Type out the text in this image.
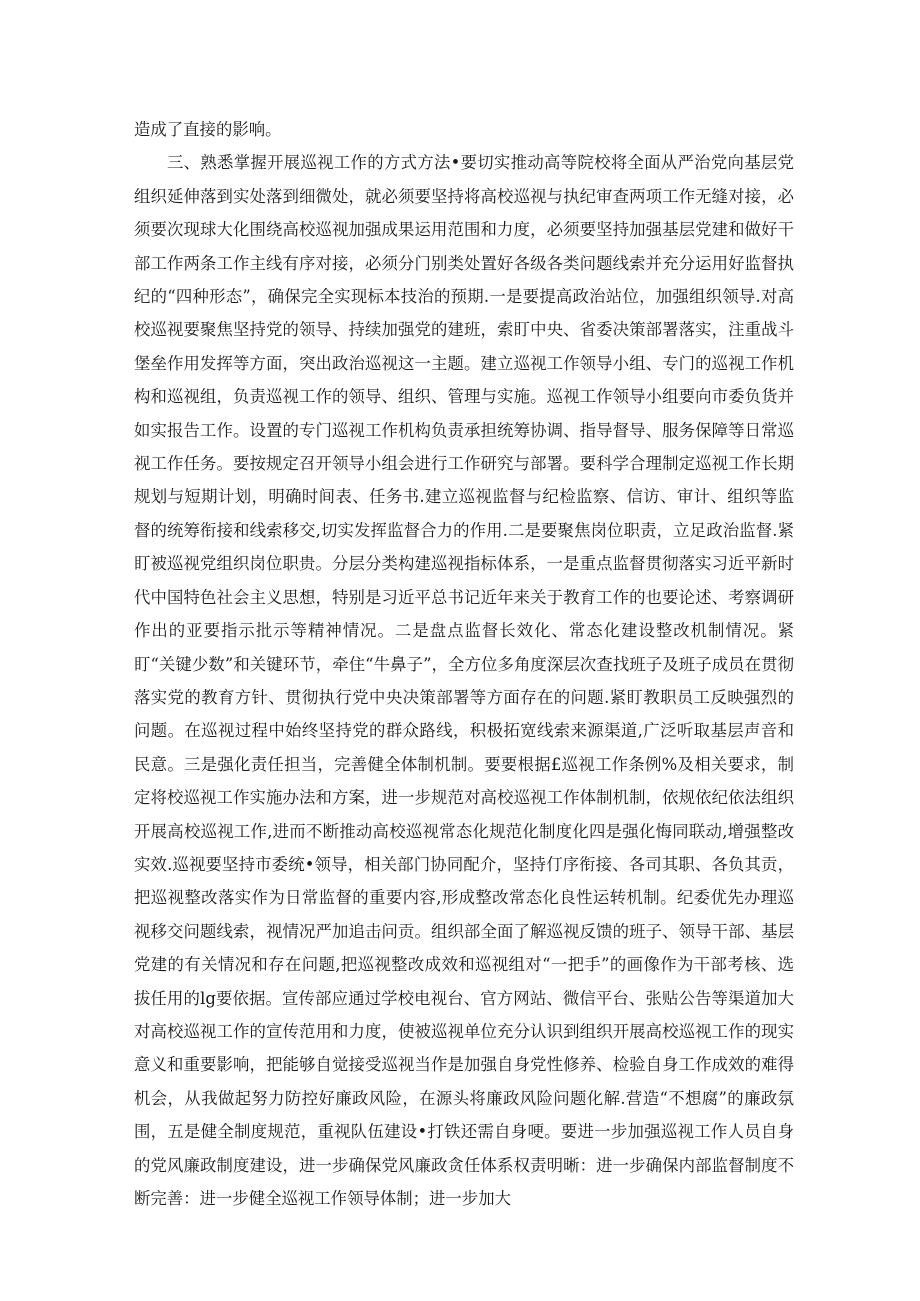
造成了直接的影响。

三、熟悉掌握开展巡视工作的方式方法•要切实推动高等院校将全面从严治党向基层党组织延伸落到实处落到细微处，就必须要坚持将高校巡视与执纪审查两项工作无缝对接，必须要次现球大化围绕高校巡视加强成果运用范围和力度，必须要坚持加强基层党建和做好干部工作两条工作主线有序对接，必须分门别类处置好各级各类问题线索并充分运用好监督执纪的“四种形态”，确保完全实现标本技治的预期.一是要提高政治站位，加强组织领导.对高校巡视要聚焦坚持党的领导、持续加强党的建班，索盯中央、省委决策部署落实，注重战斗堡垒作用发挥等方面，突出政治巡视这一主题。建立巡视工作领导小组、专门的巡视工作机构和巡视组，负责巡视工作的领导、组织、管理与实施。巡视工作领导小组要向市委负货并如实报告工作。设置的专门巡视工作机构负责承担统筹协调、指导督导、服务保障等日常巡视工作任务。要按规定召开领导小组会进行工作研究与部署。要科学合理制定巡视工作长期规划与短期计划，明确时间表、任务书.建立巡视监督与纪检监察、信访、审计、组织等监督的统筹衔接和线索移交,切实发挥监督合力的作用.二是要聚焦岗位职责，立足政治监督.紧盯被巡视党组织岗位职贵。分层分类构建巡视指标体系，一是重点监督贯彻落实习近平新时代中国特色社会主义思想，特别是习近平总书记近年来关于教育工作的也要论述、考察调研作出的亚要指示批示等精神情况。二是盘点监督长效化、常态化建设整改机制情况。紧盯“关键少数”和关键环节，牵住“牛鼻子”，全方位多角度深层次查找班子及班子成员在贯彻落实党的教育方针、贯彻执行党中央决策部署等方面存在的问题.紧盯教职员工反映强烈的问题。在巡视过程中始终坚持党的群众路线，积极拓宽线索来源渠道,广泛听取基层声音和民意。三是强化责任担当，完善健全体制机制。要要根据£巡视工作条例%及相关要求，制定将校巡视工作实施办法和方案，进一步规范对高校巡视工作体制机制，依规依纪依法组织开展高校巡视工作,进而不断推动高校巡视常态化规范化制度化四是强化悔同联动,增强整改实效.巡视要坚持市委统•领导，相关部门协同配介，坚持仃序衔接、各司其职、各负其贡，把巡视整改落实作为日常监督的重要内容,形成整改常态化良性运转机制。纪委优先办理巡视移交问题线索，视情况严加追击问贡。组织部全面了解巡视反馈的班子、领导干部、基层党建的有关情况和存在问题,把巡视整改成效和巡视组对“一把手”的画像作为干部考核、选拔任用的lg要依据。宣传部应通过学校电视台、官方网站、微信平台、张贴公告等渠道加大对高校巡视工作的宣传范用和力度，使被巡视单位充分认识到组织开展高校巡视工作的现实意义和重要影响，把能够自觉接受巡视当作是加强自身党性修养、检验自身工作成效的难得机会，从我做起努力防控好廉政风险，在源头将廉政风险问题化解.营造“不想腐”的廉政氛围，五是健全制度规范，重视队伍建设•打铁还需自身哽。要进一步加强巡视工作人员自身的党风廉政制度建设，进一步确保党风廉政贪任体系权责明晰：进一步确保内部监督制度不断完善：进一步健全巡视工作领导体制；进一步加大
